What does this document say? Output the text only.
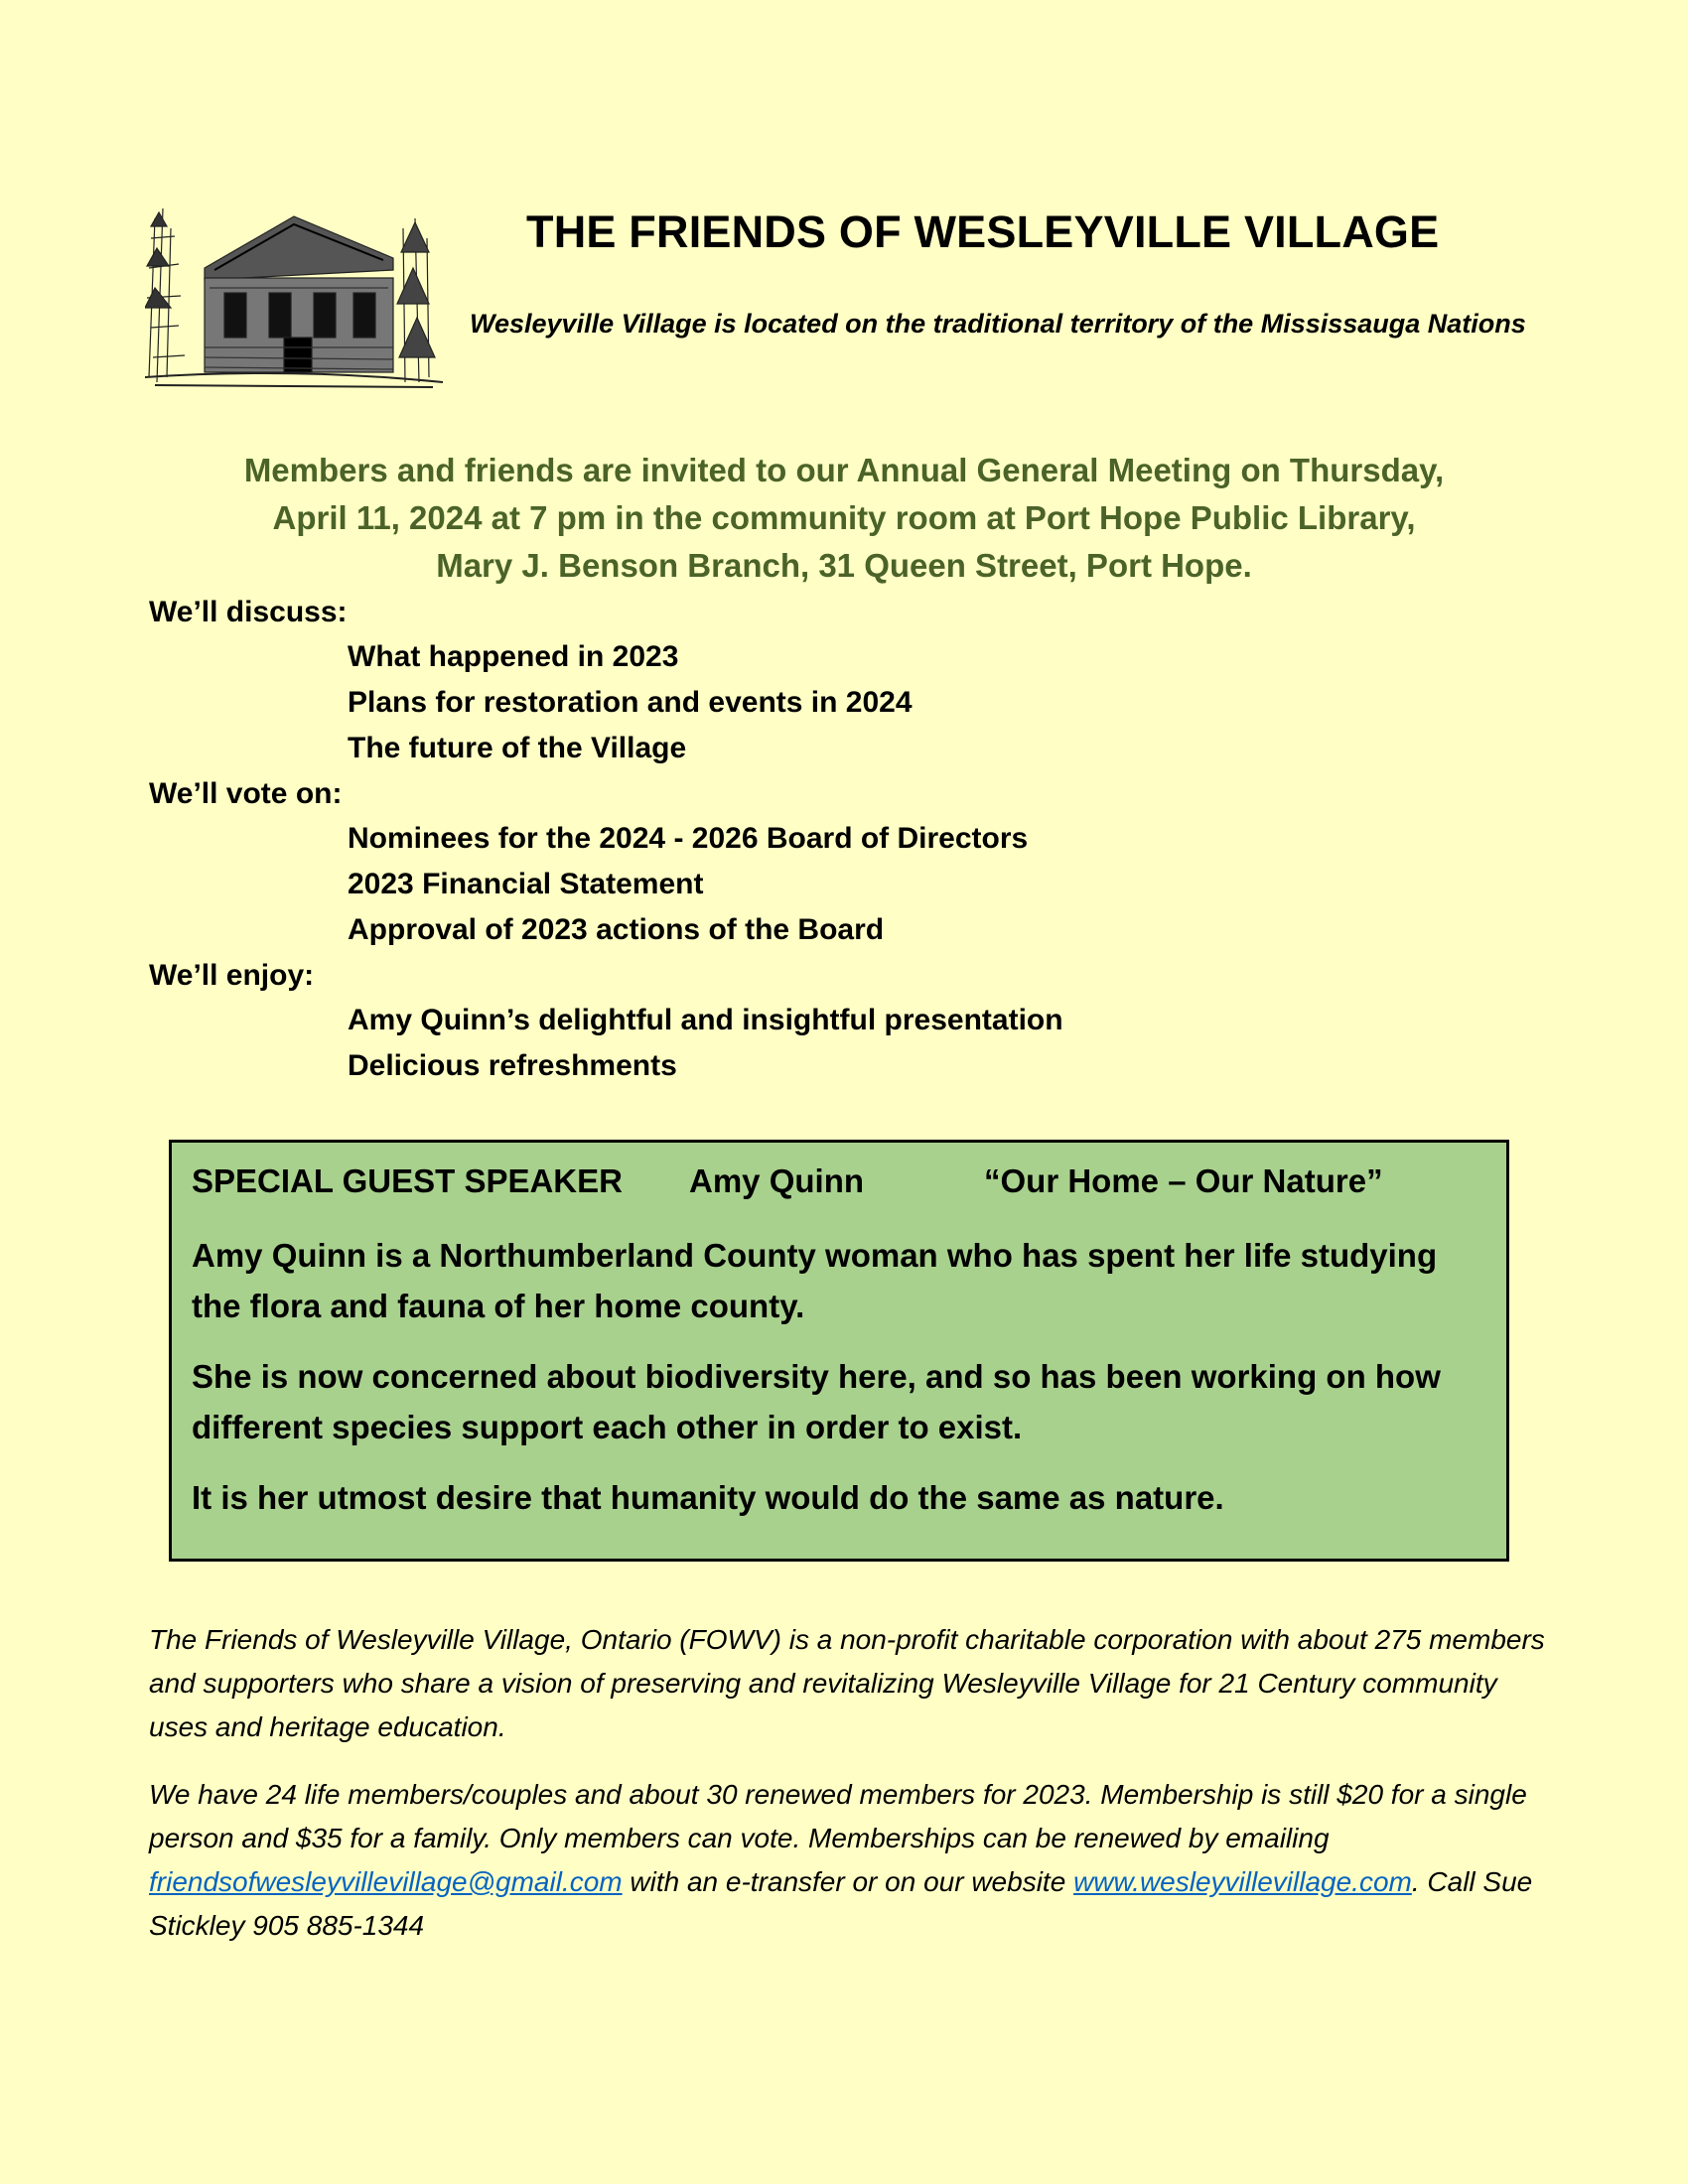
THE FRIENDS OF WESLEYVILLE VILLAGE
Wesleyville Village is located on the traditional territory of the Mississauga Nations
Members and friends are invited to our Annual General Meeting on Thursday,
April 11, 2024 at 7 pm in the community room at Port Hope Public Library,
Mary J. Benson Branch, 31 Queen Street, Port Hope.
We’ll discuss:
What happened in 2023
Plans for restoration and events in 2024
The future of the Village
We’ll vote on:
Nominees for the 2024 - 2026 Board of Directors
2023 Financial Statement
Approval of 2023 actions of the Board
We’ll enjoy:
Amy Quinn’s delightful and insightful presentation
Delicious refreshments
SPECIAL GUEST SPEAKER Amy Quinn	“Our Home – Our Nature”
Amy Quinn is a Northumberland County woman who has spent her life studying the flora and fauna of her home county.
She is now concerned about biodiversity here, and so has been working on how different species support each other in order to exist.
It is her utmost desire that humanity would do the same as nature.

The Friends of Wesleyville Village, Ontario (FOWV) is a non-profit charitable corporation with about 275 members and supporters who share a vision of preserving and revitalizing Wesleyville Village for 21 Century community uses and heritage education.

We have 24 life members/couples and about 30 renewed members for 2023. Membership is still $20 for a single person and $35 for a family. Only members can vote. Memberships can be renewed by emailing friendsofwesleyvillevillage@gmail.com with an e-transfer or on our website www.wesleyvillevillage.com. Call Sue Stickley 905 885-1344
